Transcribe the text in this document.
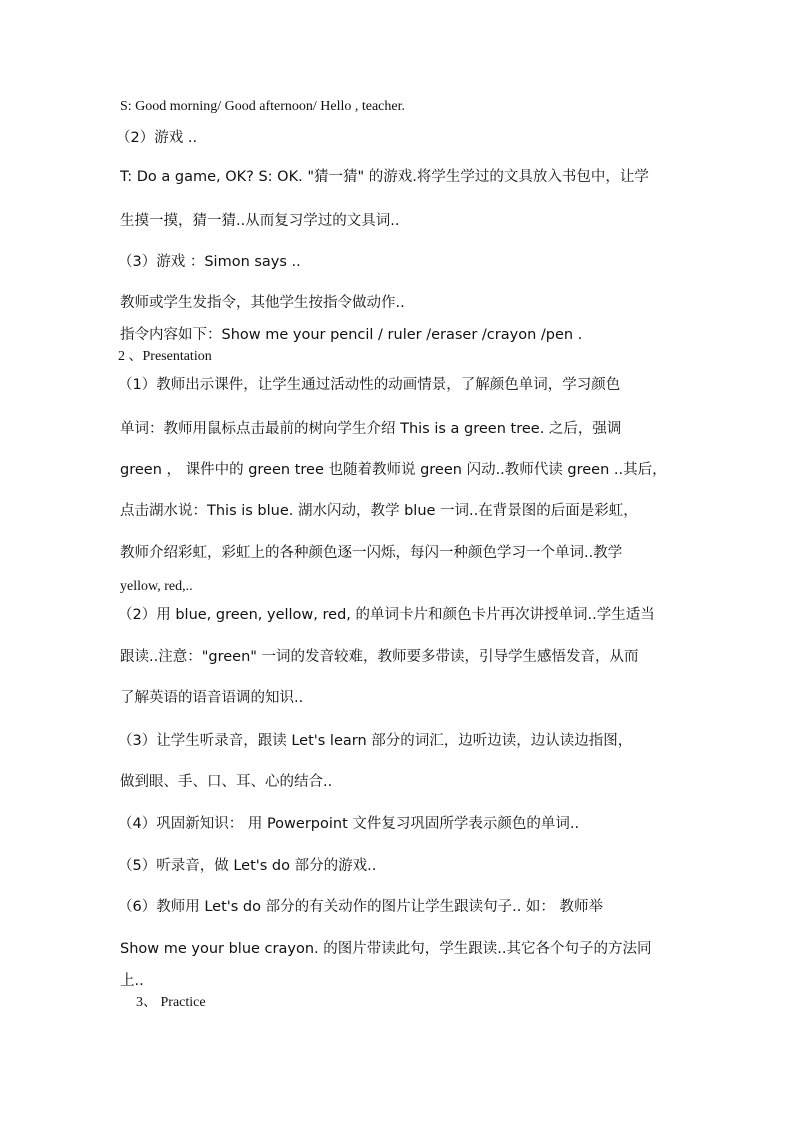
S: Good morning/ Good afternoon/ Hello , teacher.
（2）游戏 ..
T: Do a game, OK? S: OK. "猜一猜" 的游戏.将学生学过的文具放入书包中，让学
生摸一摸，猜一猜..从而复习学过的文具词..
（3）游戏 ：Simon says ..
教师或学生发指令，其他学生按指令做动作..
指令内容如下：Show me your pencil / ruler /eraser /crayon /pen .
2 、Presentation
（1）教师出示课件，让学生通过活动性的动画情景，了解颜色单词，学习颜色
单词：教师用鼠标点击最前的树向学生介绍 This is a green tree. 之后，强调
green ， 课件中的 green tree 也随着教师说 green 闪动..教师代读 green ..其后，
点击湖水说：This is blue. 湖水闪动，教学 blue 一词..在背景图的后面是彩虹，
教师介绍彩虹，彩虹上的各种颜色逐一闪烁，每闪一种颜色学习一个单词..教学
yellow, red,..
（2）用 blue, green, yellow, red, 的单词卡片和颜色卡片再次讲授单词..学生适当
跟读..注意："green" 一词的发音较难，教师要多带读，引导学生感悟发音，从而
了解英语的语音语调的知识..
（3）让学生听录音，跟读 Let's learn 部分的词汇，边听边读，边认读边指图，
做到眼、手、口、耳、心的结合..
（4）巩固新知识： 用 Powerpoint 文件复习巩固所学表示颜色的单词..
（5）听录音，做 Let's do 部分的游戏..
（6）教师用 Let's do 部分的有关动作的图片让学生跟读句子.. 如： 教师举
Show me your blue crayon. 的图片带读此句，学生跟读..其它各个句子的方法同
上..
3、 Practice
